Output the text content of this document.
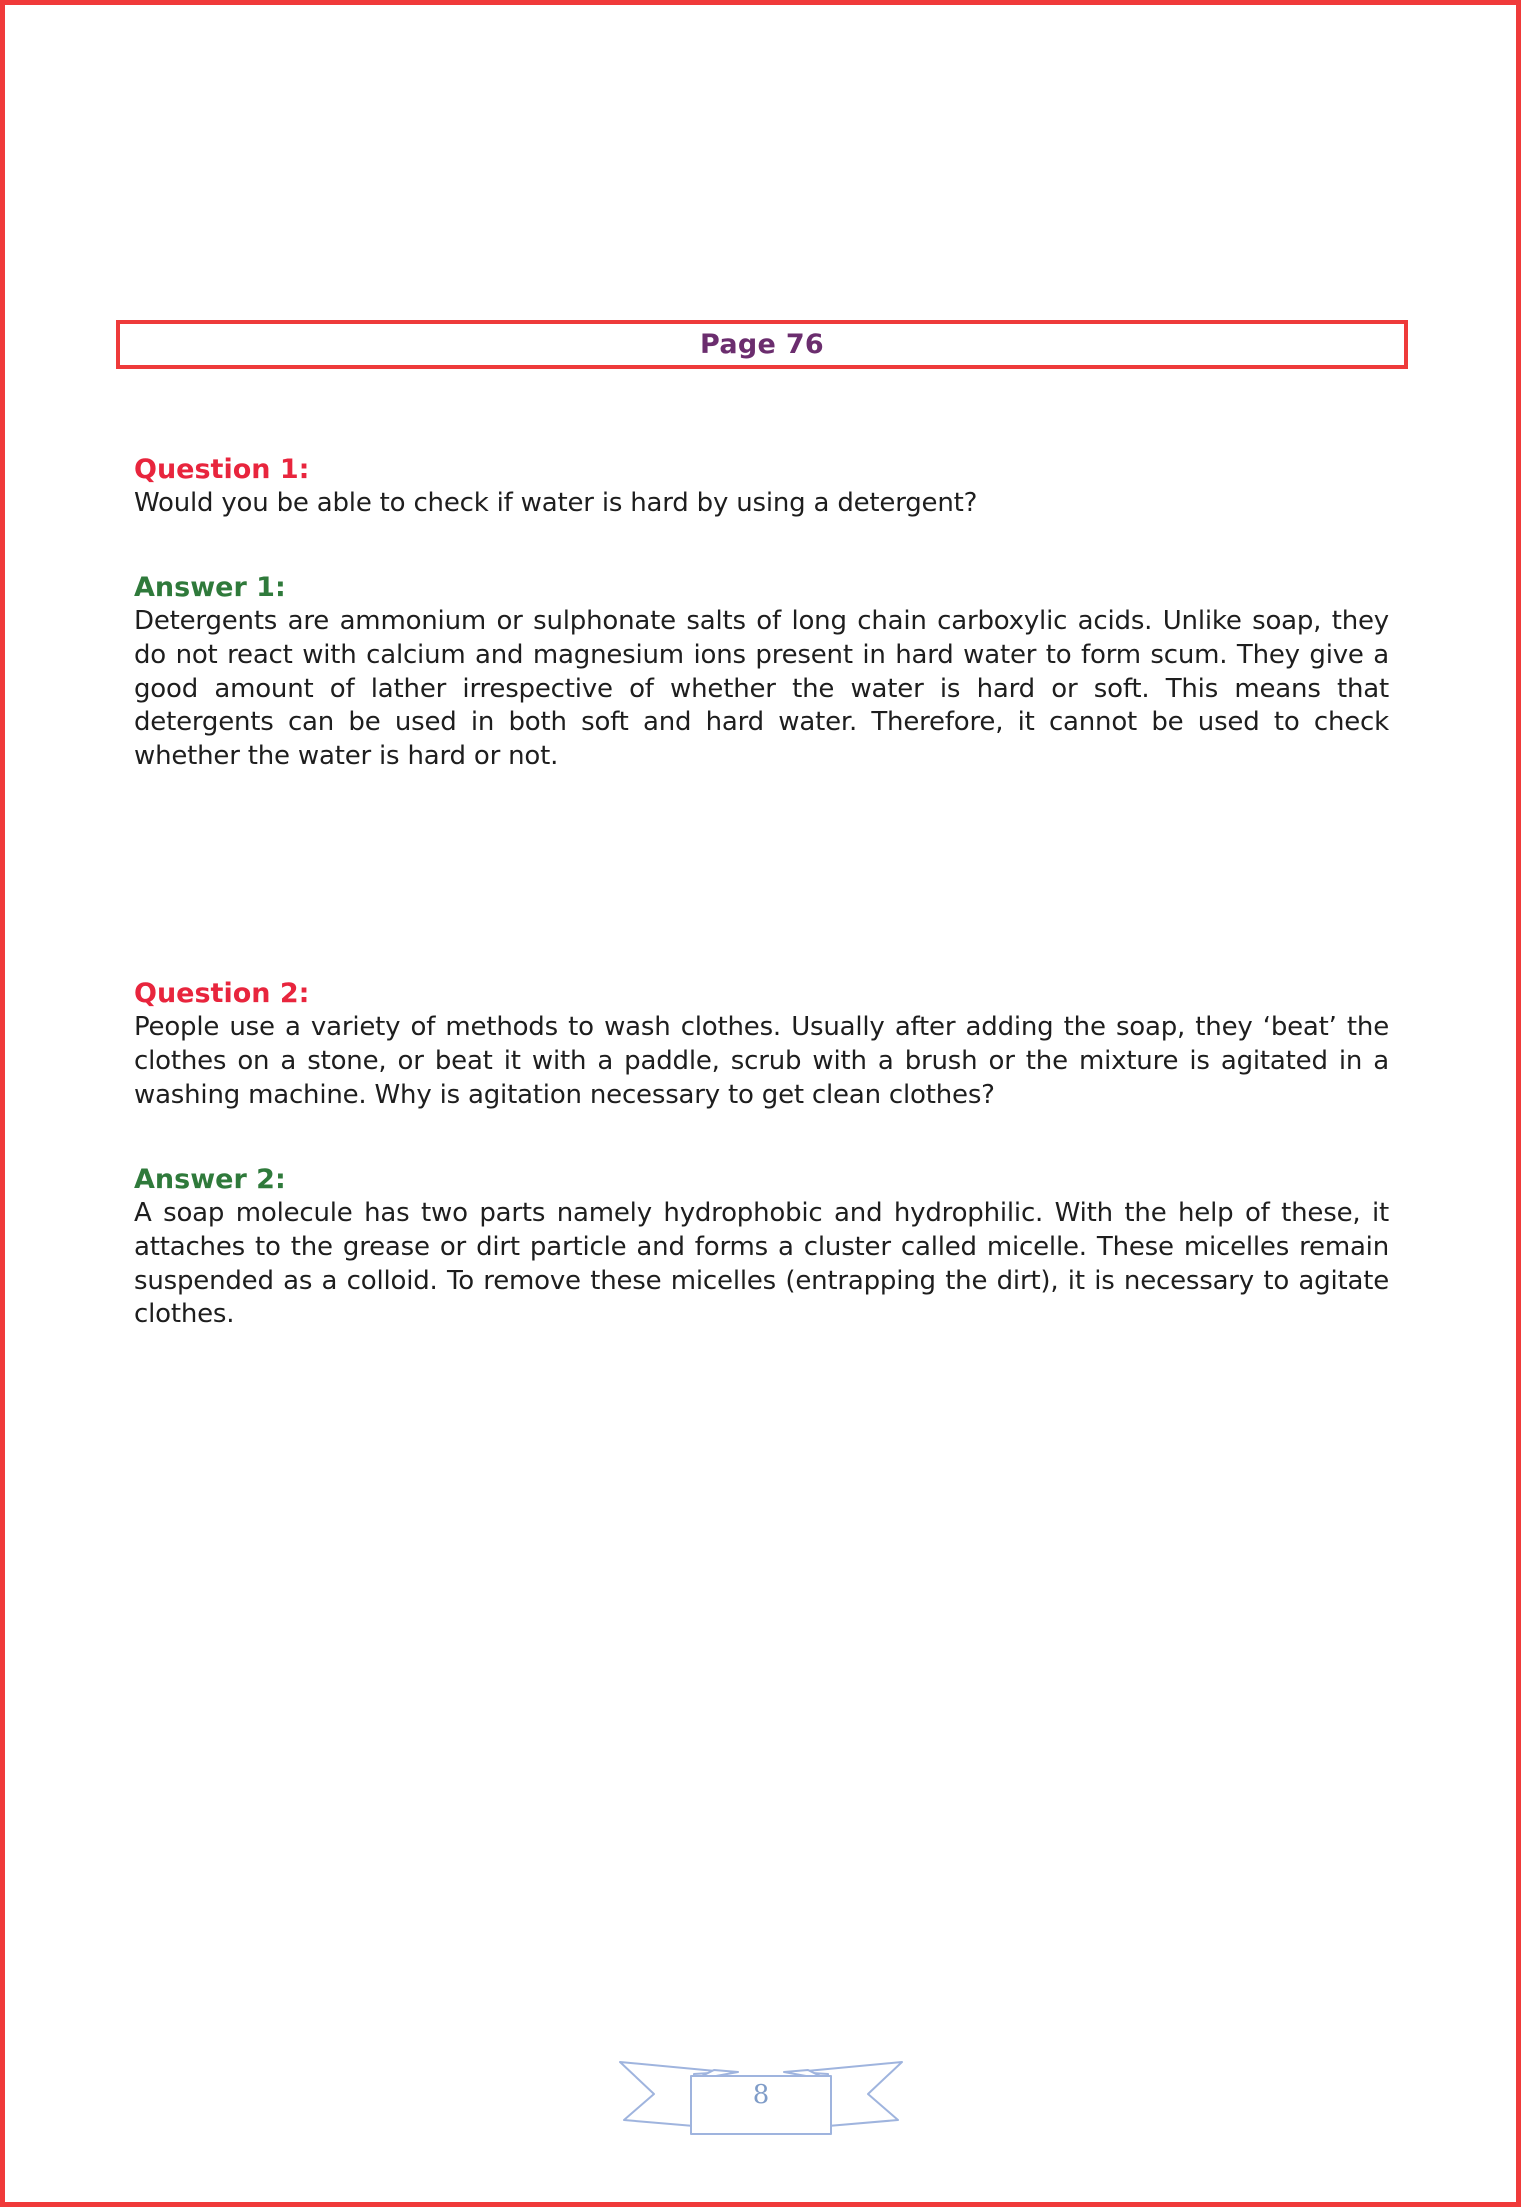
Page 76
Question 1:
Would you be able to check if water is hard by using a detergent?
Answer 1:
Detergents are ammonium or sulphonate salts of long chain carboxylic acids. Unlike soap, they do not react with calcium and magnesium ions present in hard water to form scum. They give a good amount of lather irrespective of whether the water is hard or soft. This means that detergents can be used in both soft and hard water. Therefore, it cannot be used to check whether the water is hard or not.
Question 2:
People use a variety of methods to wash clothes. Usually after adding the soap, they ‘beat’ the clothes on a stone, or beat it with a paddle, scrub with a brush or the mixture is agitated in a washing machine. Why is agitation necessary to get clean clothes?
Answer 2:
A soap molecule has two parts namely hydrophobic and hydrophilic. With the help of these, it attaches to the grease or dirt particle and forms a cluster called micelle. These micelles remain suspended as a colloid. To remove these micelles (entrapping the dirt), it is necessary to agitate clothes.
8
